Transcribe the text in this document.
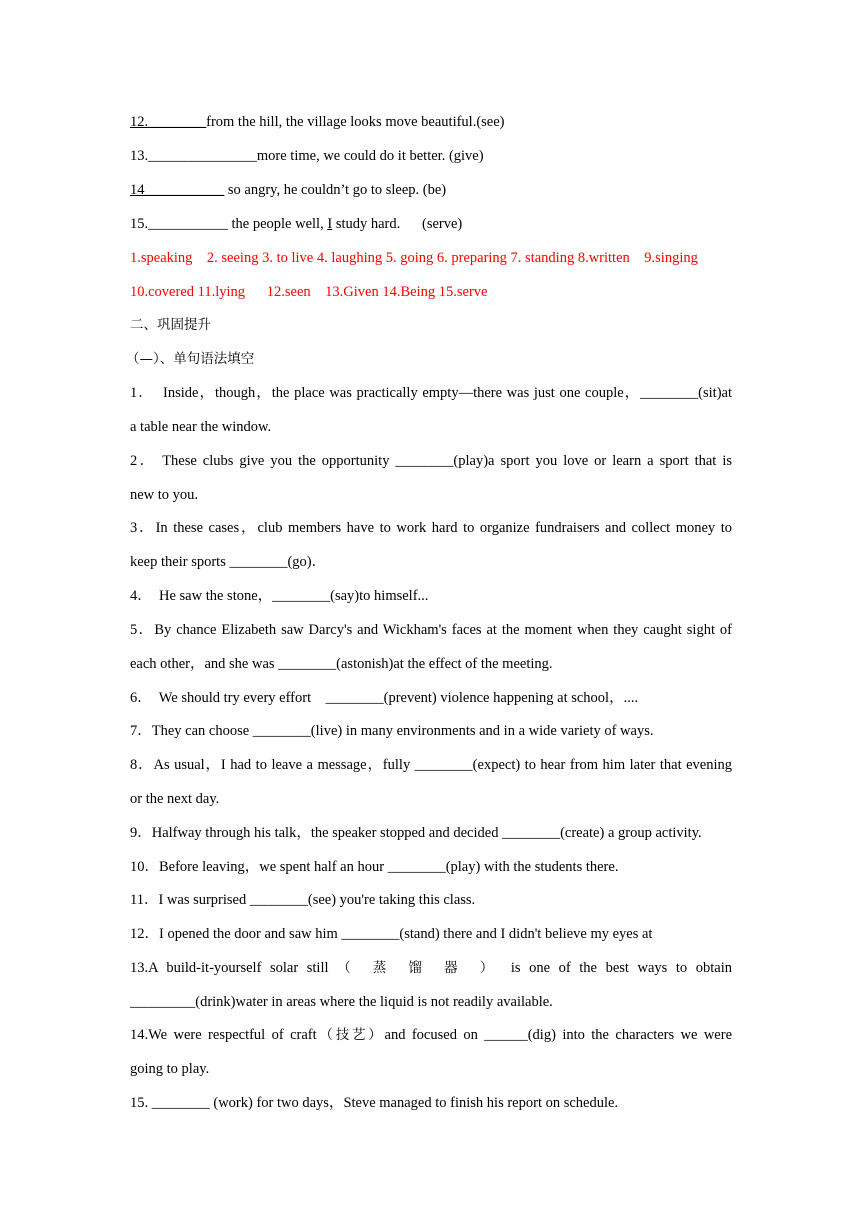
12.________from the hill, the village looks move beautiful.(see)
13._______________more time, we could do it better. (give)
14___________ so angry, he couldn’t go to sleep. (be)
15.___________ the people well, I study hard.      (serve)
1.speaking    2. seeing 3. to live 4. laughing 5. going 6. preparing 7. standing 8.written    9.singing
10.covered 11.lying      12.seen    13.Given 14.Being 15.serve
二、巩固提升
（—）、单句语法填空
1．  Inside，though，the place was practically empty—there was just one couple，________(sit)at
a table near the window.
2． These clubs give you the opportunity ________(play)a sport you love or learn a sport that is
new to you.
3．In these cases，club members have to work hard to organize fundraisers and collect money to
keep their sports ________(go)．
4．  He saw the stone，________(say)to himself...
5．By chance Elizabeth saw Darcy's and Wickham's faces at the moment when they caught sight of
each other，and she was ________(astonish)at the effect of the meeting.
6．  We should try every effort    ________(prevent) violence happening at school，....
7．They can choose ________(live) in many environments and in a wide variety of ways.
8．As usual，I had to leave a message，fully ________(expect) to hear from him later that evening
or the next day.
9．Halfway through his talk，the speaker stopped and decided ________(create) a group activity.
10．Before leaving，we spent half an hour ________(play) with the students there.
11．I was surprised ________(see) you're taking this class.
12．I opened the door and saw him ________(stand) there and I didn't believe my eyes at
13.A build-it-yourself solar still （ 蒸 馏 器 ） is one of the best ways to obtain
_________(drink)water in areas where the liquid is not readily available.
14.We were respectful of craft（技艺）and focused on ______(dig) into the characters we were
going to play.
15. ________ (work) for two days，Steve managed to finish his report on schedule.
